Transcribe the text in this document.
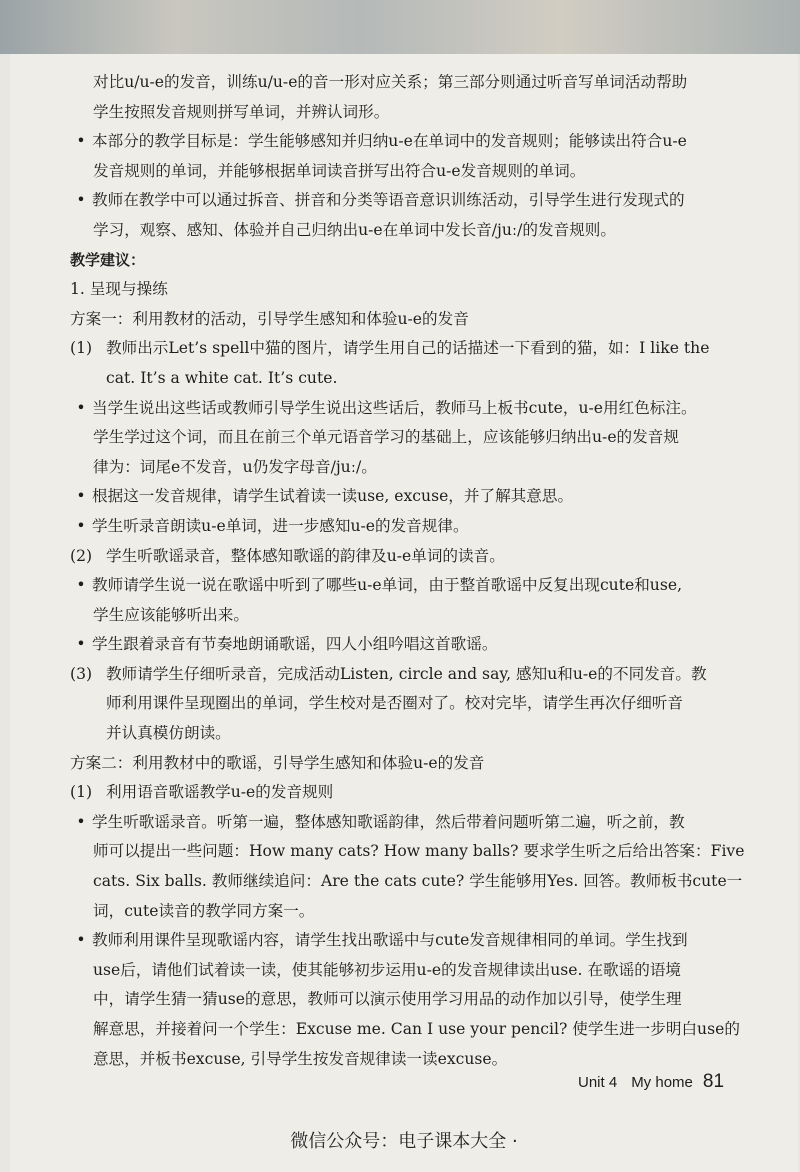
对比u/u-e的发音，训练u/u-e的音一形对应关系；第三部分则通过听音写单词活动帮助
学生按照发音规则拼写单词，并辨认词形。
• 本部分的教学目标是：学生能够感知并归纳u-e在单词中的发音规则；能够读出符合u-e
发音规则的单词，并能够根据单词读音拼写出符合u-e发音规则的单词。
• 教师在教学中可以通过拆音、拼音和分类等语音意识训练活动，引导学生进行发现式的
学习，观察、感知、体验并自己归纳出u-e在单词中发长音/juː/的发音规则。
教学建议：
1. 呈现与操练
方案一：利用教材的活动，引导学生感知和体验u-e的发音
(1) 教师出示Let’s spell中猫的图片，请学生用自己的话描述一下看到的猫，如：I like the
cat. It’s a white cat. It’s cute.
• 当学生说出这些话或教师引导学生说出这些话后，教师马上板书cute，u-e用红色标注。
学生学过这个词，而且在前三个单元语音学习的基础上，应该能够归纳出u-e的发音规
律为：词尾e不发音，u仍发字母音/juː/。
• 根据这一发音规律，请学生试着读一读use, excuse，并了解其意思。
• 学生听录音朗读u-e单词，进一步感知u-e的发音规律。
(2) 学生听歌谣录音，整体感知歌谣的韵律及u-e单词的读音。
• 教师请学生说一说在歌谣中听到了哪些u-e单词，由于整首歌谣中反复出现cute和use,
学生应该能够听出来。
• 学生跟着录音有节奏地朗诵歌谣，四人小组吟唱这首歌谣。
(3) 教师请学生仔细听录音，完成活动Listen, circle and say, 感知u和u-e的不同发音。教
师利用课件呈现圈出的单词，学生校对是否圈对了。校对完毕，请学生再次仔细听音
并认真模仿朗读。
方案二：利用教材中的歌谣，引导学生感知和体验u-e的发音
(1) 利用语音歌谣教学u-e的发音规则
• 学生听歌谣录音。听第一遍，整体感知歌谣韵律，然后带着问题听第二遍，听之前，教
师可以提出一些问题：How many cats? How many balls? 要求学生听之后给出答案：Five
cats. Six balls. 教师继续追问：Are the cats cute? 学生能够用Yes. 回答。教师板书cute一
词，cute读音的教学同方案一。
• 教师利用课件呈现歌谣内容，请学生找出歌谣中与cute发音规律相同的单词。学生找到
use后，请他们试着读一读，使其能够初步运用u-e的发音规律读出use. 在歌谣的语境
中，请学生猜一猜use的意思，教师可以演示使用学习用品的动作加以引导，使学生理
解意思，并接着问一个学生：Excuse me. Can I use your pencil? 使学生进一步明白use的
意思，并板书excuse, 引导学生按发音规律读一读excuse。
Unit 4 My home 81
微信公众号：电子课本大全 ·
